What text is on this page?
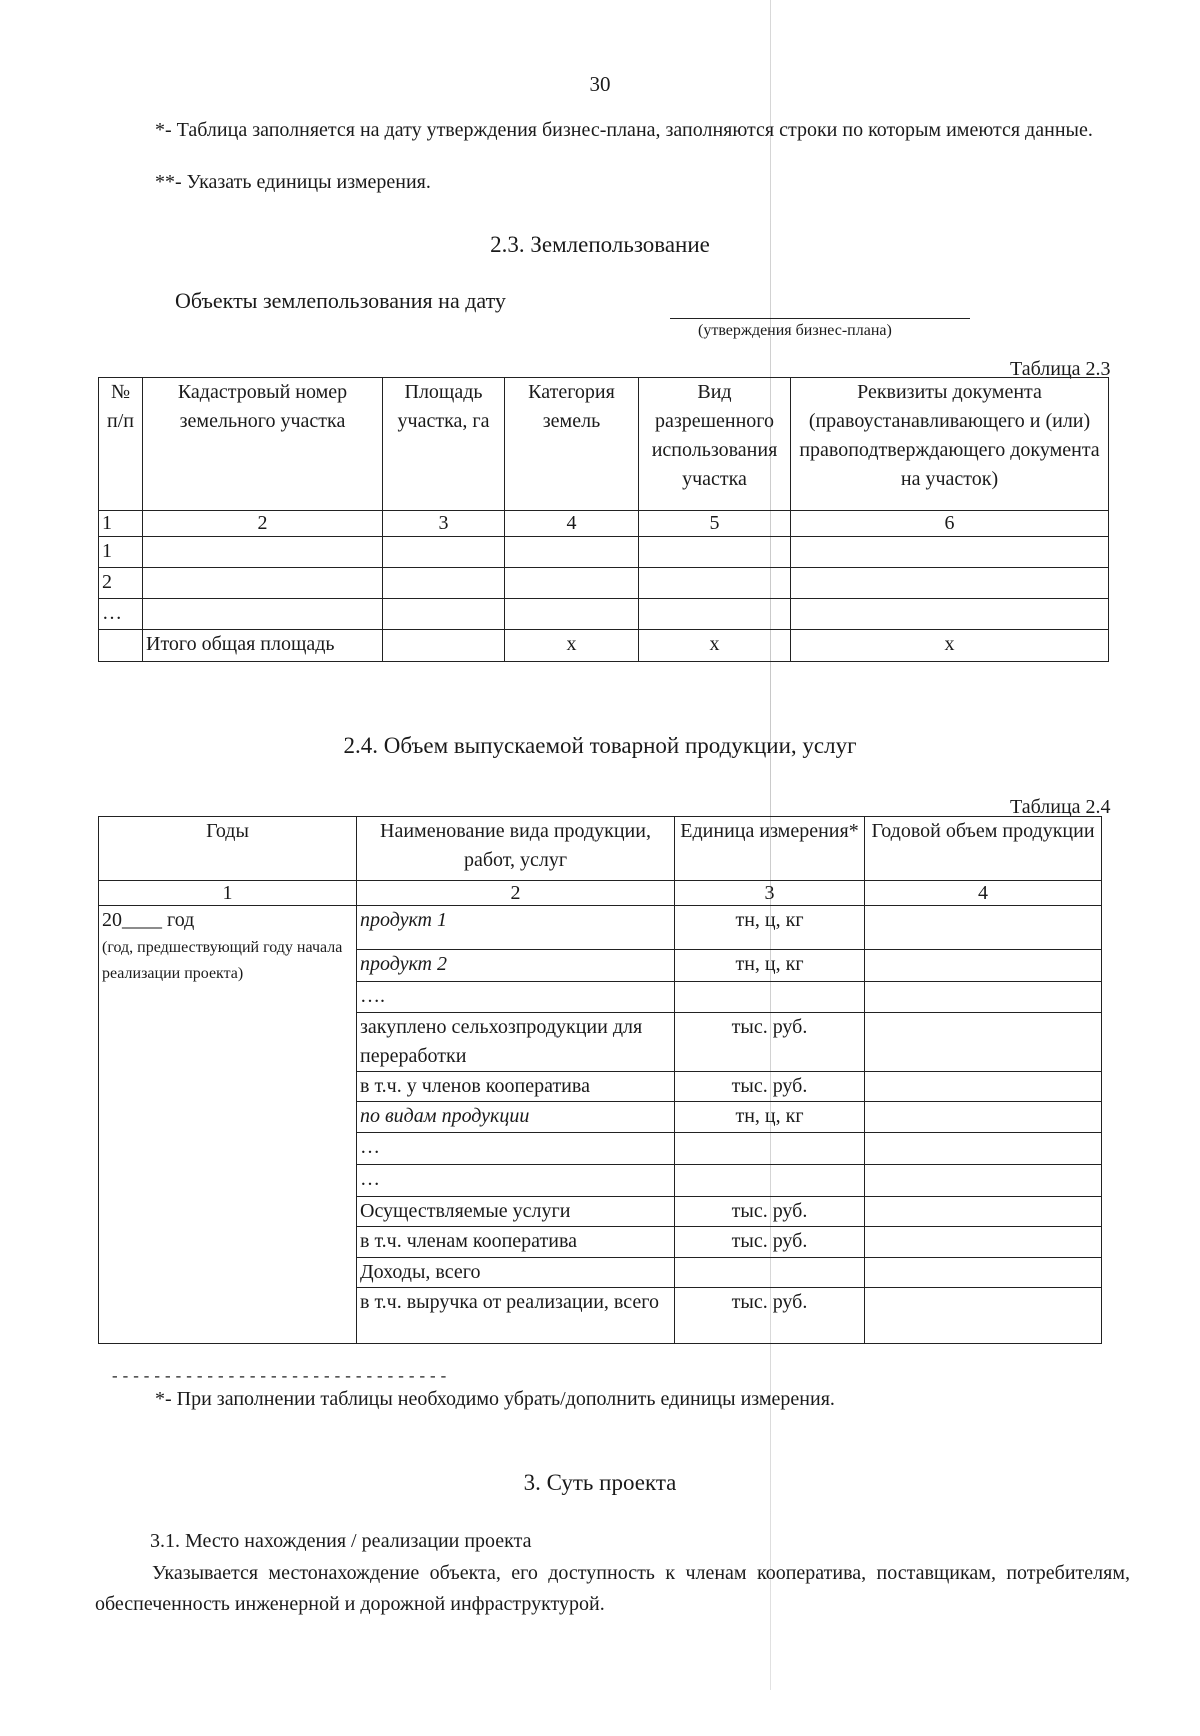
30

*- Таблица заполняется на дату утверждения бизнес-плана, заполняются строки по которым имеются данные.

**- Указать единицы измерения.

2.3. Землепользование

Объекты землепользования на дату

(утверждения бизнес-плана)

Таблица 2.3

№ п/п	Кадастровый номер земельного участка	Площадь участка, га	Категория земель	Вид разрешенного использования участка	Реквизиты документа (правоустанавливающего и (или) правоподтверждающего документа на участок)
1	2	3	4	5	6
1					
2					
…					
	Итого общая площадь		х	х	х

2.4. Объем выпускаемой товарной продукции, услуг

Таблица 2.4

Годы	Наименование вида продукции, работ, услуг	Единица измерения*	Годовой объем продукции
1	2	3	4

20____ год
(год, предшествующий году начала реализации проекта)	продукт 1	тн, ц, кг	
	продукт 2	тн, ц, кг	
	….		
	закуплено сельхозпродукции для переработки	тыс. руб.	
	в т.ч. у членов кооператива	тыс. руб.	
	по видам продукции	тн, ц, кг	
	…		
	…		
	Осуществляемые услуги	тыс. руб.	
	в т.ч. членам кооператива	тыс. руб.	
	Доходы, всего		
	в т.ч. выручка от реализации, всего	тыс. руб.	

--------------------------------

*- При заполнении таблицы необходимо убрать/дополнить единицы измерения.

3. Суть проекта

3.1. Место нахождения / реализации проекта

Указывается местонахождение объекта, его доступность к членам кооператива, поставщикам, потребителям, обеспеченность инженерной и дорожной инфраструктурой.
